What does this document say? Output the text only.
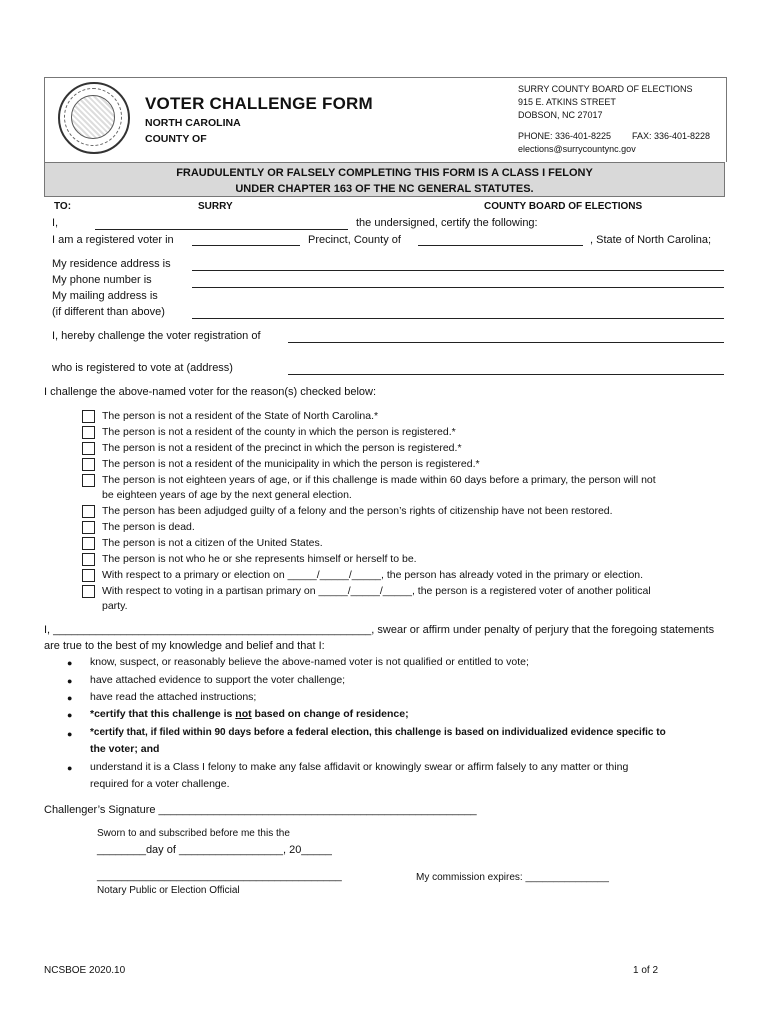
VOTER CHALLENGE FORM
NORTH CAROLINA
COUNTY OF
SURRY COUNTY BOARD OF ELECTIONS
915 E. ATKINS STREET
DOBSON, NC 27017
PHONE: 336-401-8225 FAX: 336-401-8228
elections@surrycountync.gov
FRAUDULENTLY OR FALSELY COMPLETING THIS FORM IS A CLASS I FELONY
UNDER CHAPTER 163 OF THE NC GENERAL STATUTES.
TO:	SURRY	COUNTY BOARD OF ELECTIONS
I,	the undersigned, certify the following:
I am a registered voter in	Precinct, County of	, State of North Carolina;
My residence address is
My phone number is
My mailing address is
(if different than above)
I, hereby challenge the voter registration of
who is registered to vote at (address)
I challenge the above-named voter for the reason(s) checked below:
The person is not a resident of the State of North Carolina.*
The person is not a resident of the county in which the person is registered.*
The person is not a resident of the precinct in which the person is registered.*
The person is not a resident of the municipality in which the person is registered.*
The person is not eighteen years of age, or if this challenge is made within 60 days before a primary, the person will not
be eighteen years of age by the next general election.
The person has been adjudged guilty of a felony and the person’s rights of citizenship have not been restored.
The person is dead.
The person is not a citizen of the United States.
The person is not who he or she represents himself or herself to be.
With respect to a primary or election on _____/_____/_____, the person has already voted in the primary or election.
With respect to voting in a partisan primary on _____/_____/_____, the person is a registered voter of another political
party.
I, ____________________________________________________, swear or affirm under penalty of perjury that the foregoing statements
are true to the best of my knowledge and belief and that I:
● know, suspect, or reasonably believe the above-named voter is not qualified or entitled to vote;
● have attached evidence to support the voter challenge;
● have read the attached instructions;
● *certify that this challenge is not based on change of residence;
● *certify that, if filed within 90 days before a federal election, this challenge is based on individualized evidence specific to
the voter; and
● understand it is a Class I felony to make any false affidavit or knowingly swear or affirm falsely to any matter or thing
required for a voter challenge.
Challenger’s Signature ____________________________________________________
Sworn to and subscribed before me this the
________day of _________________, 20_____
________________________________________	My commission expires: _______________
Notary Public or Election Official
NCSBOE 2020.10	1 of 2
